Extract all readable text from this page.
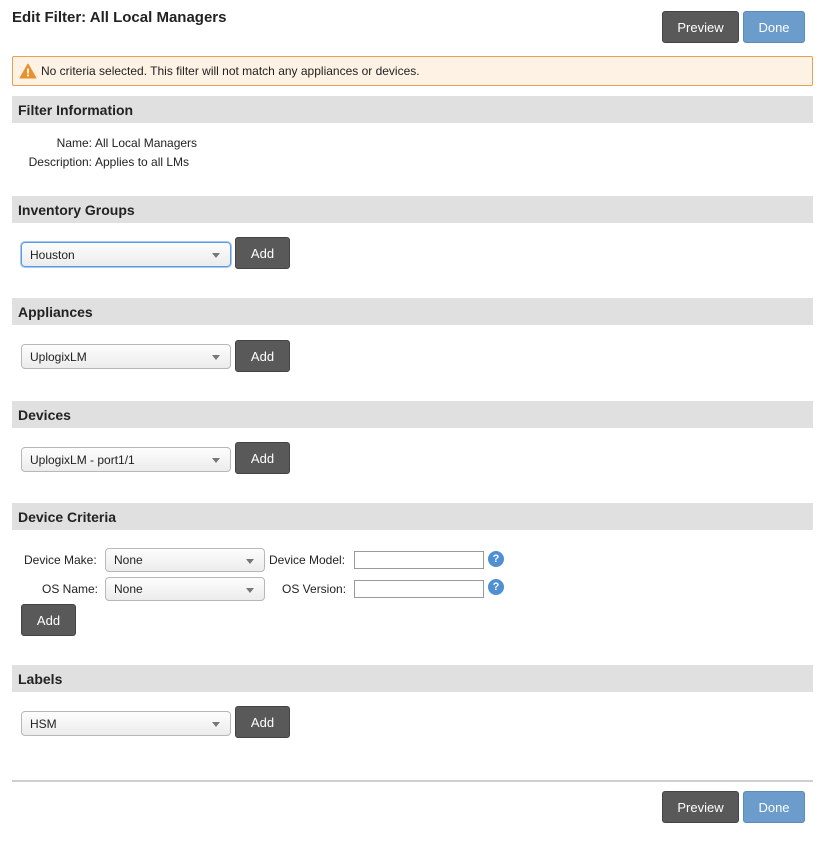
Edit Filter: All Local Managers
Preview	Done
No criteria selected. This filter will not match any appliances or devices.
Filter Information
Name: All Local Managers
Description: Applies to all LMs
Inventory Groups
Houston	Add
Appliances
UplogixLM	Add
Devices
UplogixLM - port1/1	Add
Device Criteria
Device Make: None	Device Model:	?
OS Name: None	OS Version:	?
Add
Labels
HSM	Add
Preview	Done
